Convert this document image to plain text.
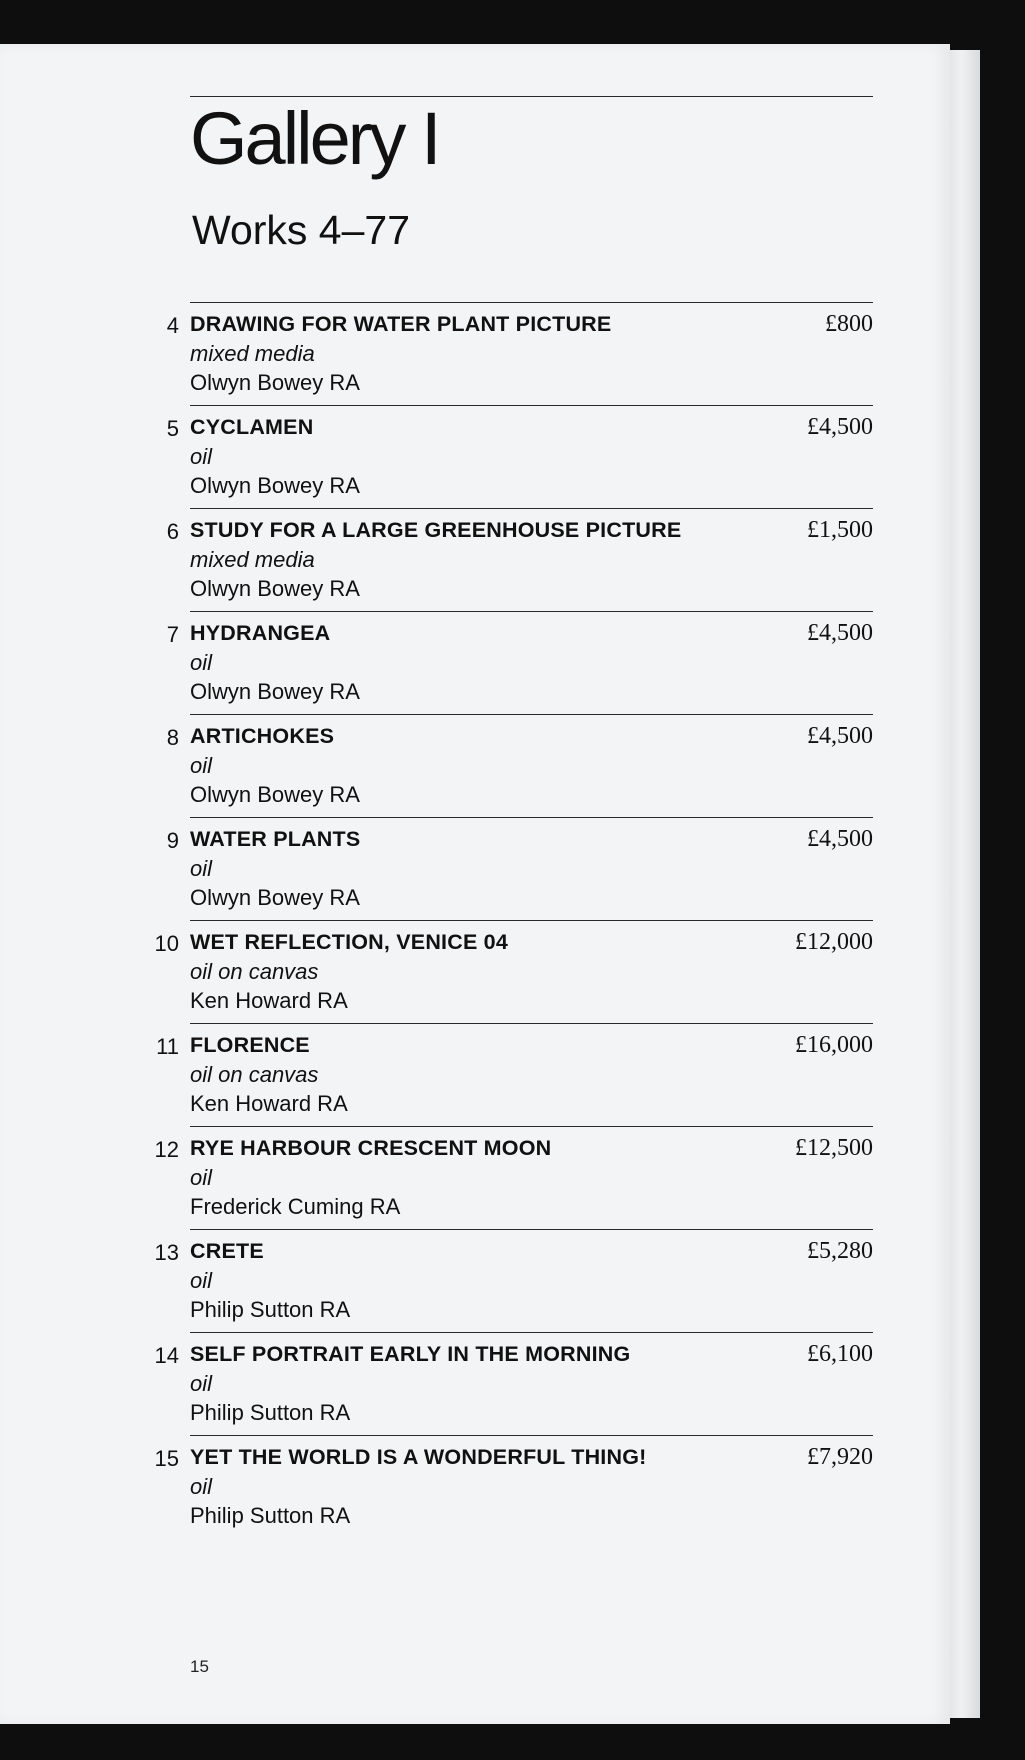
Gallery I
Works 4–77
4 DRAWING FOR WATER PLANT PICTURE	£800
mixed media
Olwyn Bowey RA
5 CYCLAMEN	£4,500
oil
Olwyn Bowey RA
6 STUDY FOR A LARGE GREENHOUSE PICTURE	£1,500
mixed media
Olwyn Bowey RA
7 HYDRANGEA	£4,500
oil
Olwyn Bowey RA
8 ARTICHOKES	£4,500
oil
Olwyn Bowey RA
9 WATER PLANTS	£4,500
oil
Olwyn Bowey RA
10 WET REFLECTION, VENICE 04	£12,000
oil on canvas
Ken Howard RA
11 FLORENCE	£16,000
oil on canvas
Ken Howard RA
12 RYE HARBOUR CRESCENT MOON	£12,500
oil
Frederick Cuming RA
13 CRETE	£5,280
oil
Philip Sutton RA
14 SELF PORTRAIT EARLY IN THE MORNING	£6,100
oil
Philip Sutton RA
15 YET THE WORLD IS A WONDERFUL THING!	£7,920
oil
Philip Sutton RA
15
